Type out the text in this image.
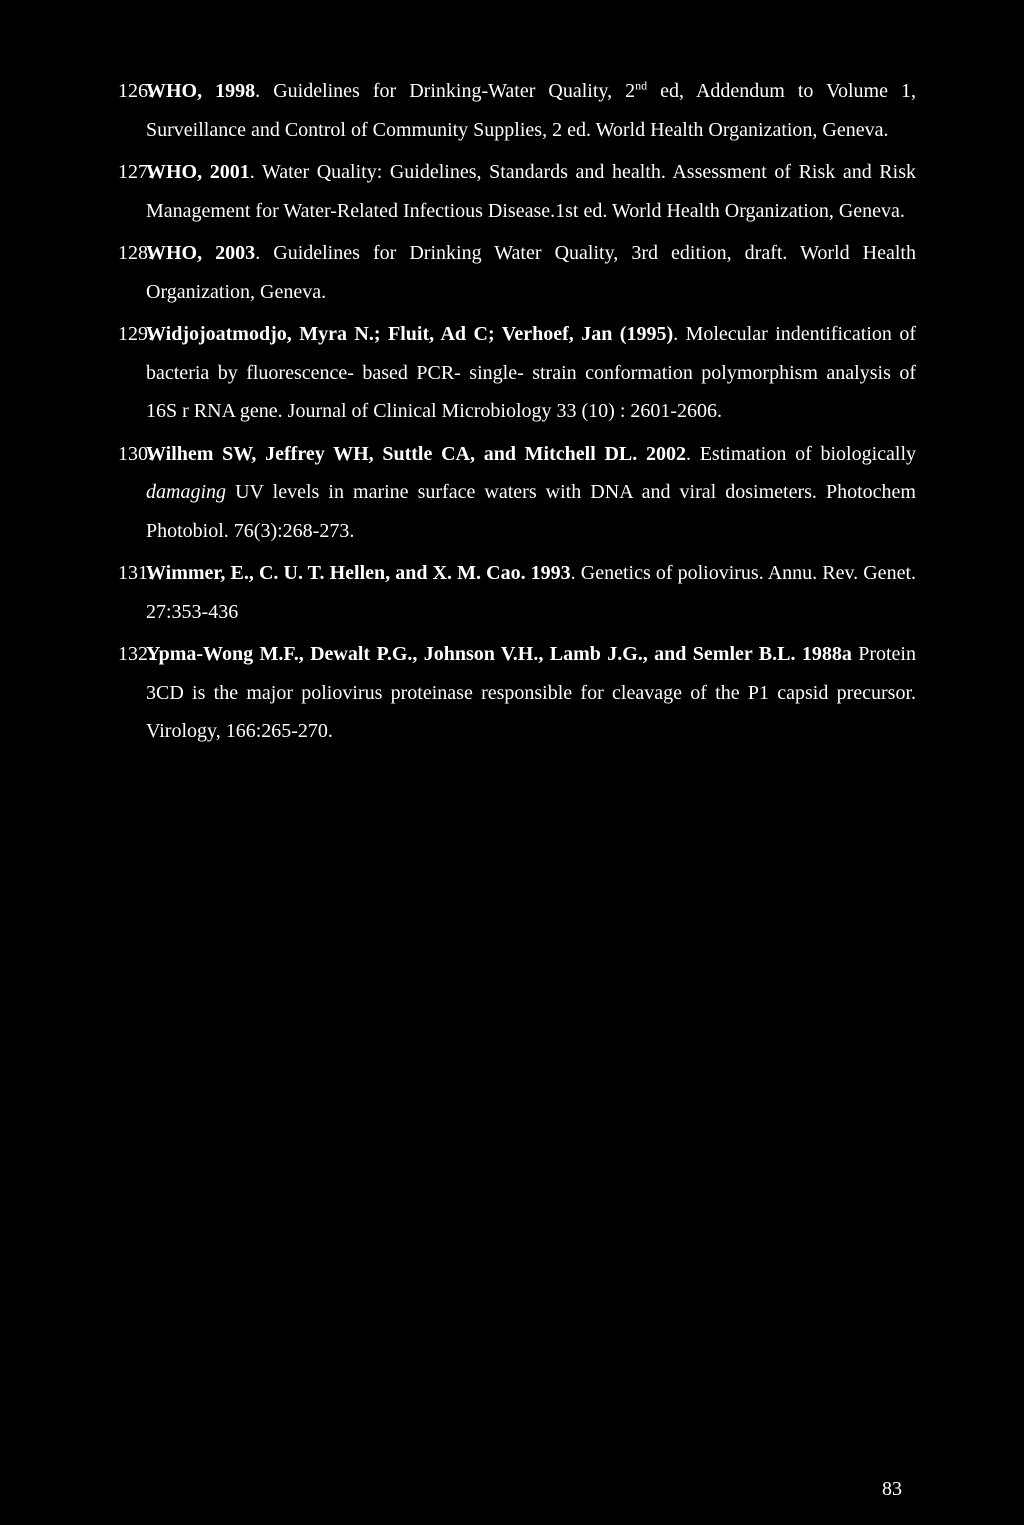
126.
WHO, 1998. Guidelines for Drinking-Water Quality, 2nd ed, Addendum to Volume 1, Surveillance and Control of Community Supplies, 2 ed. World Health Organization, Geneva.
127.
WHO, 2001. Water Quality: Guidelines, Standards and health. Assessment of Risk and Risk Management for Water-Related Infectious Disease.1st ed. World Health Organization, Geneva.
128.
WHO, 2003. Guidelines for Drinking Water Quality, 3rd edition, draft. World Health Organization, Geneva.
129.
Widjojoatmodjo, Myra N.; Fluit, Ad C; Verhoef, Jan (1995). Molecular indentification of bacteria by fluorescence- based PCR- single- strain conformation polymorphism analysis of 16S r RNA gene. Journal of Clinical Microbiology 33 (10) : 2601-2606.
130.
Wilhem SW, Jeffrey WH, Suttle CA, and Mitchell DL. 2002. Estimation of biologically damaging UV levels in marine surface waters with DNA and viral dosimeters. Photochem Photobiol. 76(3):268-273.
131.
Wimmer, E., C. U. T. Hellen, and X. M. Cao. 1993. Genetics of poliovirus. Annu. Rev. Genet. 27:353-436
132.
Ypma-Wong M.F., Dewalt P.G., Johnson V.H., Lamb J.G., and Semler B.L. 1988a Protein 3CD is the major poliovirus proteinase responsible for cleavage of the P1 capsid precursor. Virology, 166:265-270.
83
